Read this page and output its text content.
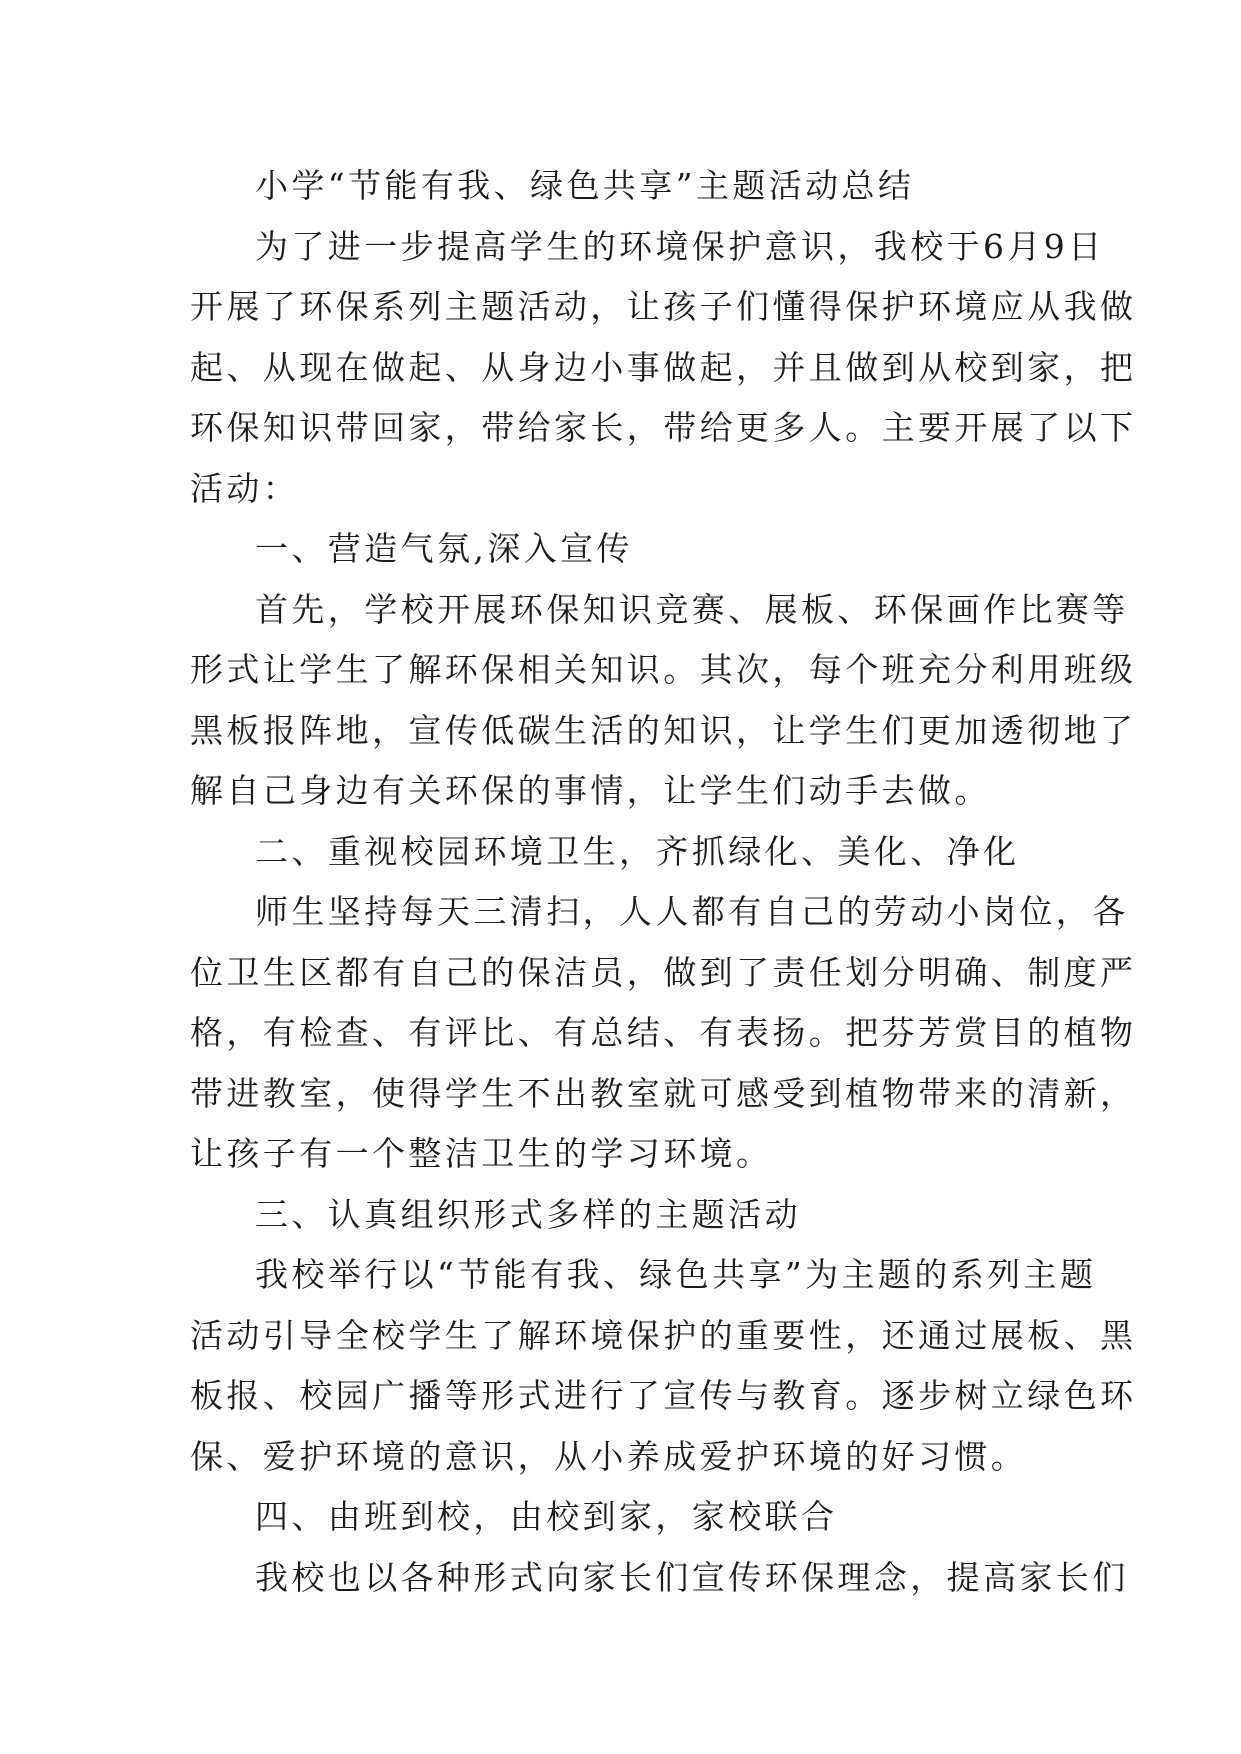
小学“节能有我、绿色共享”主题活动总结
为了进一步提高学生的环境保护意识，我校于6月9日
开展了环保系列主题活动，让孩子们懂得保护环境应从我做
起、从现在做起、从身边小事做起，并且做到从校到家，把
环保知识带回家，带给家长，带给更多人。主要开展了以下
活动：
一、营造气氛,深入宣传
首先，学校开展环保知识竞赛、展板、环保画作比赛等
形式让学生了解环保相关知识。其次，每个班充分利用班级
黑板报阵地，宣传低碳生活的知识，让学生们更加透彻地了
解自己身边有关环保的事情，让学生们动手去做。
二、重视校园环境卫生，齐抓绿化、美化、净化
师生坚持每天三清扫，人人都有自己的劳动小岗位，各
位卫生区都有自己的保洁员，做到了责任划分明确、制度严
格，有检查、有评比、有总结、有表扬。把芬芳赏目的植物
带进教室，使得学生不出教室就可感受到植物带来的清新，
让孩子有一个整洁卫生的学习环境。
三、认真组织形式多样的主题活动
我校举行以“节能有我、绿色共享”为主题的系列主题
活动引导全校学生了解环境保护的重要性，还通过展板、黑
板报、校园广播等形式进行了宣传与教育。逐步树立绿色环
保、爱护环境的意识，从小养成爱护环境的好习惯。
四、由班到校，由校到家，家校联合
我校也以各种形式向家长们宣传环保理念，提高家长们
